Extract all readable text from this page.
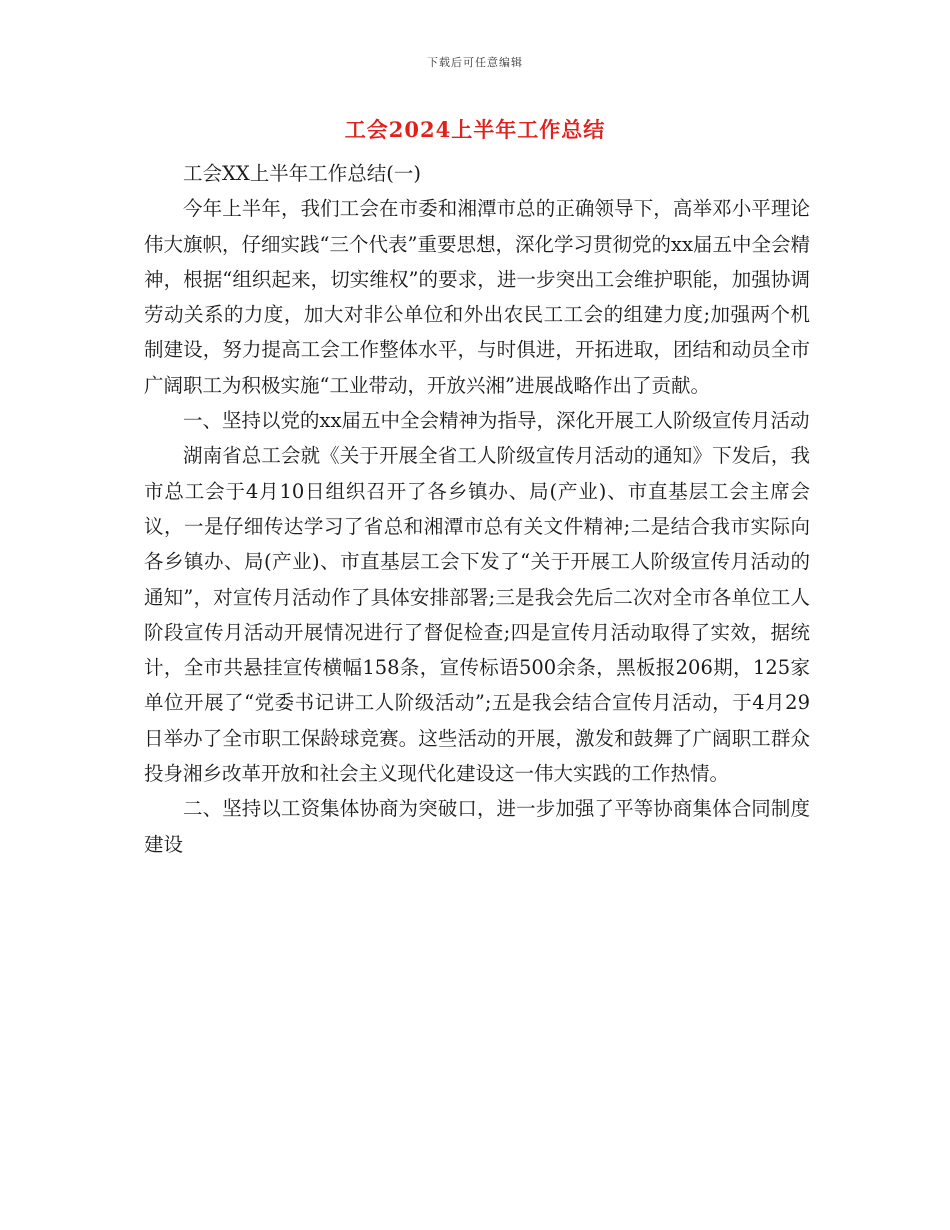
下载后可任意编辑
工会2024上半年工作总结

工会XX上半年工作总结(一)

今年上半年，我们工会在市委和湘潭市总的正确领导下，高举邓小平理论伟大旗帜，仔细实践“三个代表”重要思想，深化学习贯彻党的xx届五中全会精神，根据“组织起来，切实维权”的要求，进一步突出工会维护职能，加强协调劳动关系的力度，加大对非公单位和外出农民工工会的组建力度;加强两个机制建设，努力提高工会工作整体水平，与时俱进，开拓进取，团结和动员全市广阔职工为积极实施“工业带动，开放兴湘”进展战略作出了贡献。

一、坚持以党的xx届五中全会精神为指导，深化开展工人阶级宣传月活动

湖南省总工会就《关于开展全省工人阶级宣传月活动的通知》下发后，我市总工会于4月10日组织召开了各乡镇办、局(产业)、市直基层工会主席会议，一是仔细传达学习了省总和湘潭市总有关文件精神;二是结合我市实际向各乡镇办、局(产业)、市直基层工会下发了“关于开展工人阶级宣传月活动的通知”，对宣传月活动作了具体安排部署;三是我会先后二次对全市各单位工人阶段宣传月活动开展情况进行了督促检查;四是宣传月活动取得了实效，据统计，全市共悬挂宣传横幅158条，宣传标语500余条，黑板报206期，125家单位开展了“党委书记讲工人阶级活动”;五是我会结合宣传月活动，于4月29日举办了全市职工保龄球竞赛。这些活动的开展，激发和鼓舞了广阔职工群众投身湘乡改革开放和社会主义现代化建设这一伟大实践的工作热情。

二、坚持以工资集体协商为突破口，进一步加强了平等协商集体合同制度建设
